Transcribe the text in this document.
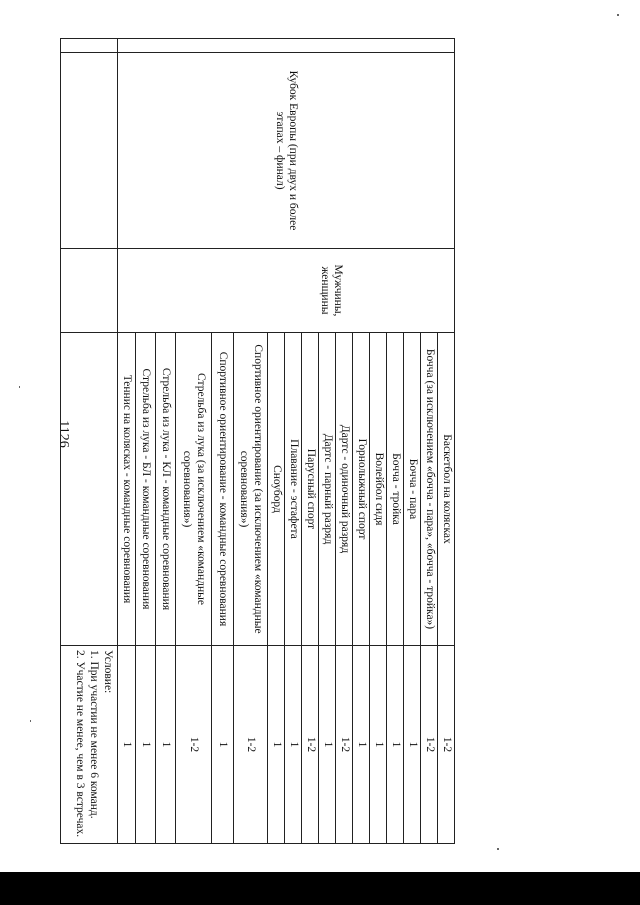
1126
	Кубок Европы (при двух и более этапах – финал)	Мужчины, женщины	Баскетбол на колясках	1-2
			Бочча (за исключением «бочча - пара», «бочча - тройка»)	1-2
			Бочча - пара	1
			Бочча - тройка	1
			Волейбол сидя	1
			Горнолыжный спорт	1
			Дартс - одиночный разряд	1-2
			Дартс - парный разряд	1
			Парусный спорт	1-2
			Плавание - эстафета	1
			Сноуборд	1
			Спортивное ориентирование (за исключением «командные соревнования»)	1-2
			Спортивное ориентирование - командные соревнования	1
			Стрельба из лука (за исключением «командные соревнования»)	1-2
			Стрельба из лука - КЛ - командные соревнования	1
			Стрельба из лука - БЛ - командные соревнования	1
			Теннис на колясках - командные соревнования	1

				Условие:
1. При участии не менее 6 команд.
2. Участие не менее, чем в 3 встречах.
